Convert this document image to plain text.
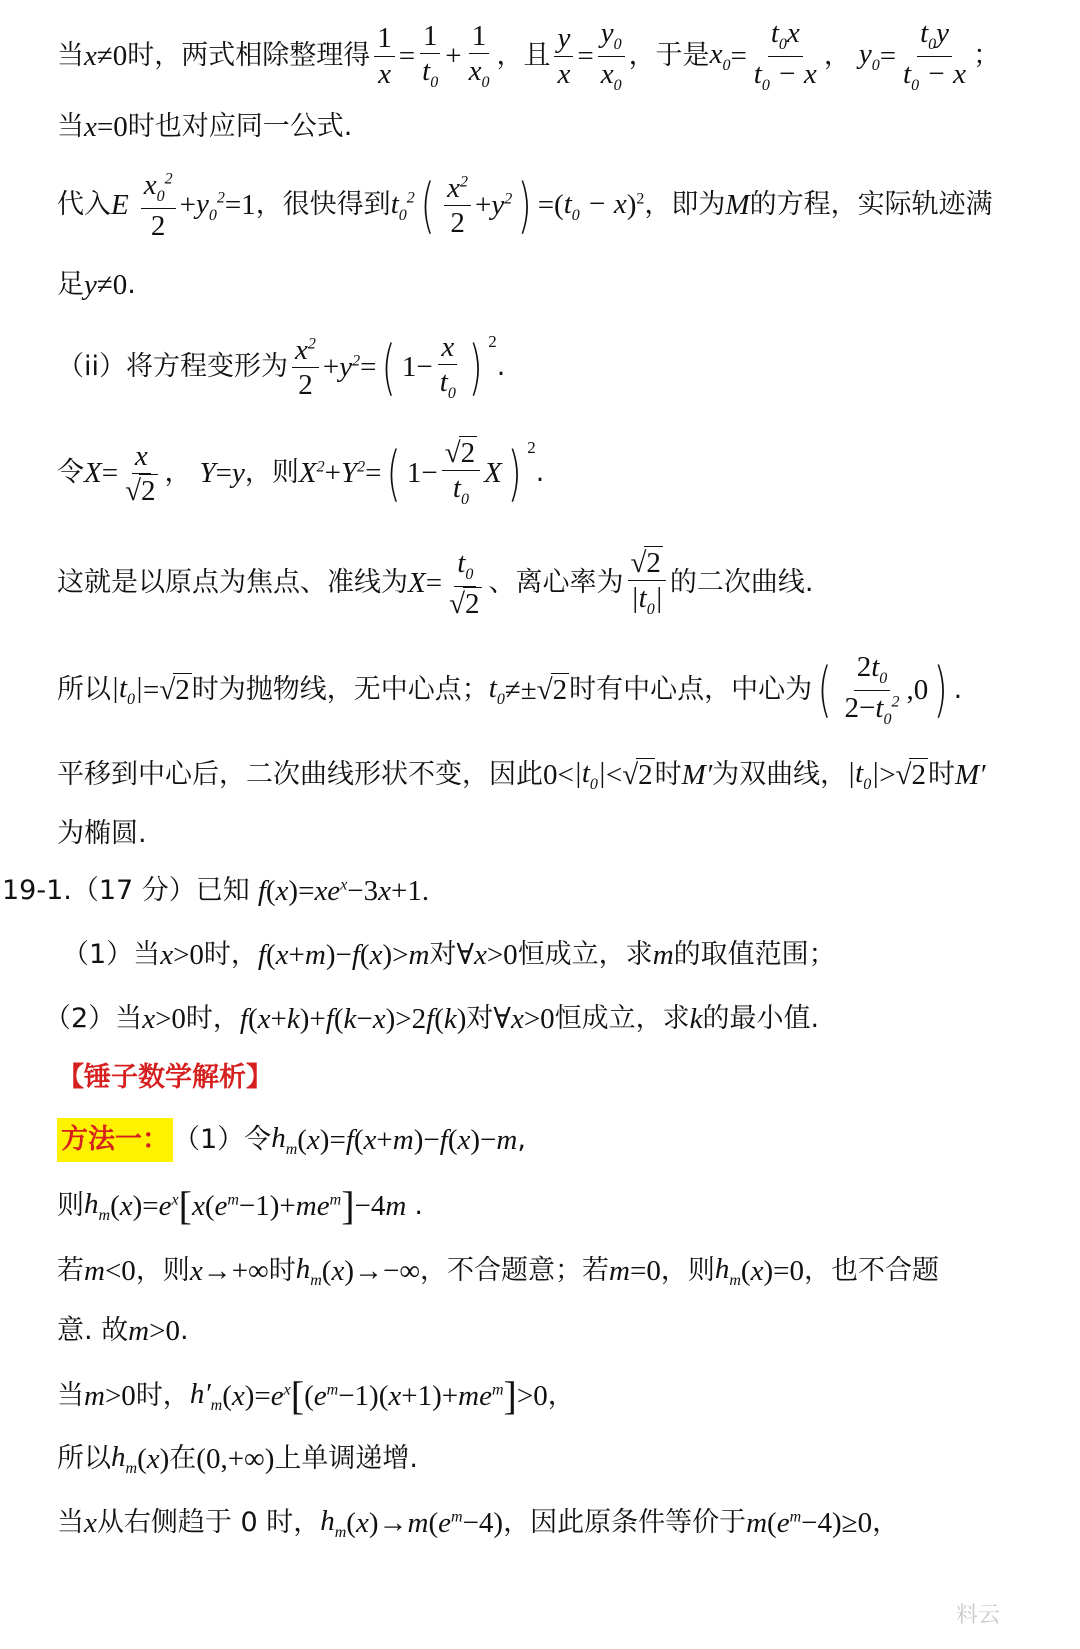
当 x ≠0 时，两式相除整理得 $\frac{1}{x} = \frac{1}{t_0} + \frac{1}{x_0}$ ，且 $\frac{y}{x} = \frac{y_0}{x_0}$ ，于是 $x_0 = \frac{t_0x}{t_0 - x}$ ， $y_0 = \frac{t_0y}{t_0 - x}$ ；
当 x =0 时也对应同一公式.
代入 E $\frac{x_0^2}{2} + y_0^2 =1$ ，很快得到 $t_0^2$ ( $\frac{x^2}{2} + y^2$ ) =( $t_0 - x$ )$^2$ ，即为 M 的方程，实际轨迹满
足 y ≠0 .
（ii）将方程变形为 $\frac{x^2}{2} + y^2$ = ( $1- \frac{x}{t_0}$ ) 2
.
令 $X = \frac{x}{√2}$ ， Y = y ，则 $X^2 + Y^2$ = ( $1- \frac{√2}{t_0}$ X ) 2
.
这就是以原点为焦点、准线为 $X = \frac{t_0}{√2}$ 、离心率为 $\frac{√2}{|t_0|}$ 的二次曲线.
所以 $|t_0| =√2$ 时为抛物线，无中心点； $t_0 \ne\pm√2$ 时有中心点，中心为 ( $\frac{2t_0}{2-t_0^2} ,0$ ) .
平移到中心后，二次曲线形状不变，因此 $0< |t_0| <√2$ 时 M′ 为双曲线， $|t_0| >√2$ 时 M′
为椭圆.
19-1.（17 分）已知 f ( x )= $xe^x -3$ x +1.
（1）当 x >0 时， f ( x + m )− f ( x )> m 对 ∀ x >0 恒成立，求 m 的取值范围；
（2）当 x >0 时， f ( x + k )+ f ( k − x )>2 f ( k ) 对 ∀ x >0 恒成立，求 k 的最小值.
【锤子数学解析】
方法一： （1）令 $h_m$ ( x )= f ( x + m )− f ( x )− m ,
则 $h_m$ ( x )= $e^x$ [ x ( $e^m -1)+ me^m$ ] −4 m .
若 m <0 ，则 x →+∞ 时 $h_m$ ( x )→−∞ ，不合题意；若 m =0 ，则 $h_m$ ( x )=0 ，也不合题
意. 故 m >0 .
当 m >0 时， $h'_m$ ( x )= $e^x$ [ ( $e^m -1$)( $x +1)+ me^m$ ] >0 ，
所以 $h_m$ ( x ) 在 (0,+∞) 上单调递增.
当 x 从右侧趋于 0 时， $h_m$ ( x )→ m ( $e^m -4$) ，因此原条件等价于 m ( $e^m -4)\ge 0$ ，
料云
